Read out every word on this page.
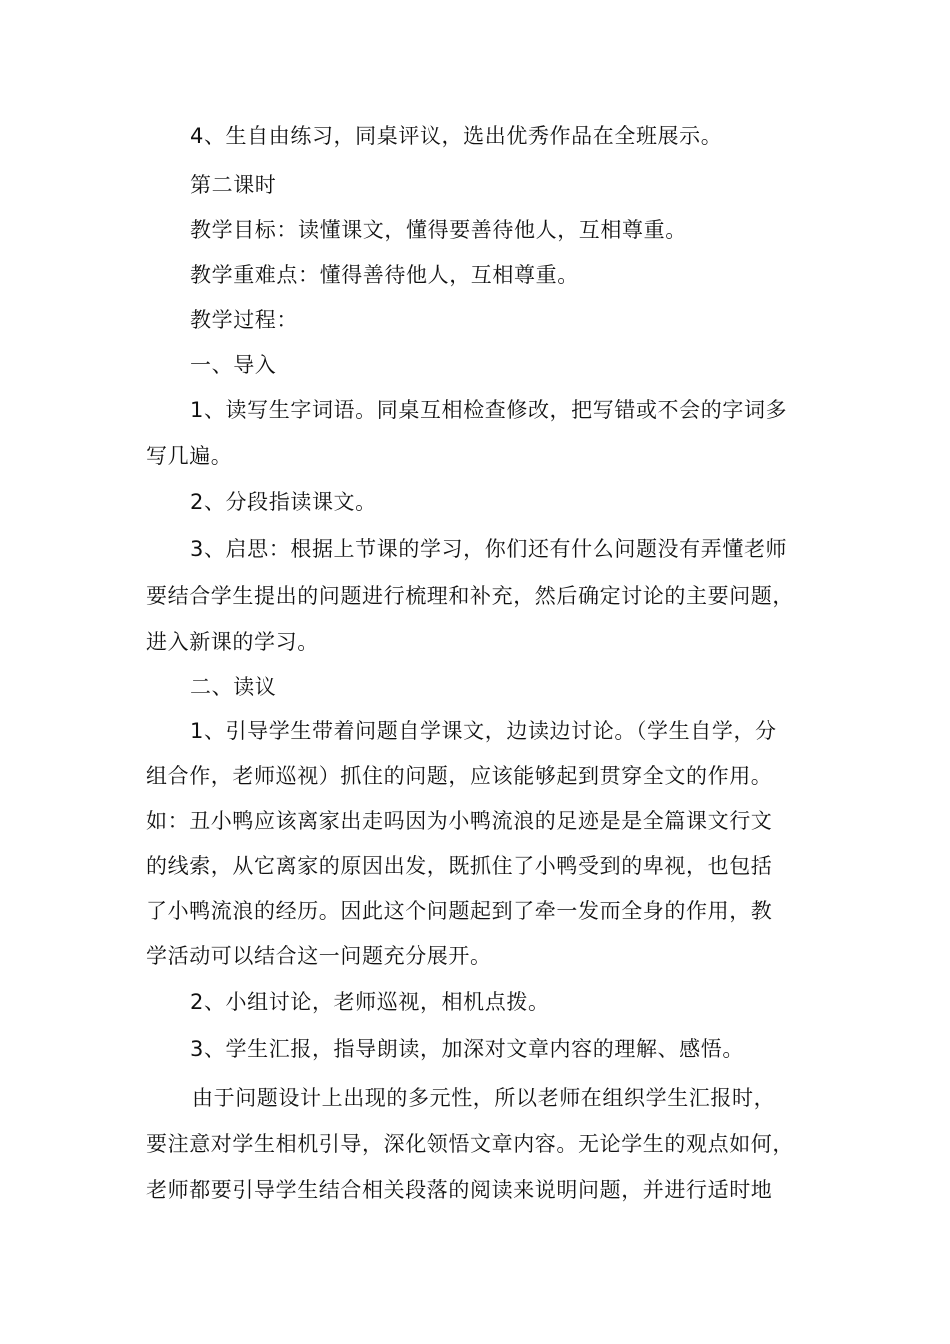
4、生自由练习，同桌评议，选出优秀作品在全班展示。
第二课时
教学目标：读懂课文，懂得要善待他人，互相尊重。
教学重难点：懂得善待他人，互相尊重。
教学过程：
一、导入
1、读写生字词语。同桌互相检查修改，把写错或不会的字词多
写几遍。
2、分段指读课文。
3、启思：根据上节课的学习，你们还有什么问题没有弄懂老师
要结合学生提出的问题进行梳理和补充，然后确定讨论的主要问题，
进入新课的学习。
二、读议
1、引导学生带着问题自学课文，边读边讨论。（学生自学，分
组合作，老师巡视）抓住的问题，应该能够起到贯穿全文的作用。
如：丑小鸭应该离家出走吗因为小鸭流浪的足迹是是全篇课文行文
的线索，从它离家的原因出发，既抓住了小鸭受到的卑视，也包括
了小鸭流浪的经历。因此这个问题起到了牵一发而全身的作用，教
学活动可以结合这一问题充分展开。
2、小组讨论，老师巡视，相机点拨。
3、学生汇报，指导朗读，加深对文章内容的理解、感悟。
由于问题设计上出现的多元性，所以老师在组织学生汇报时，
要注意对学生相机引导，深化领悟文章内容。无论学生的观点如何，
老师都要引导学生结合相关段落的阅读来说明问题，并进行适时地
